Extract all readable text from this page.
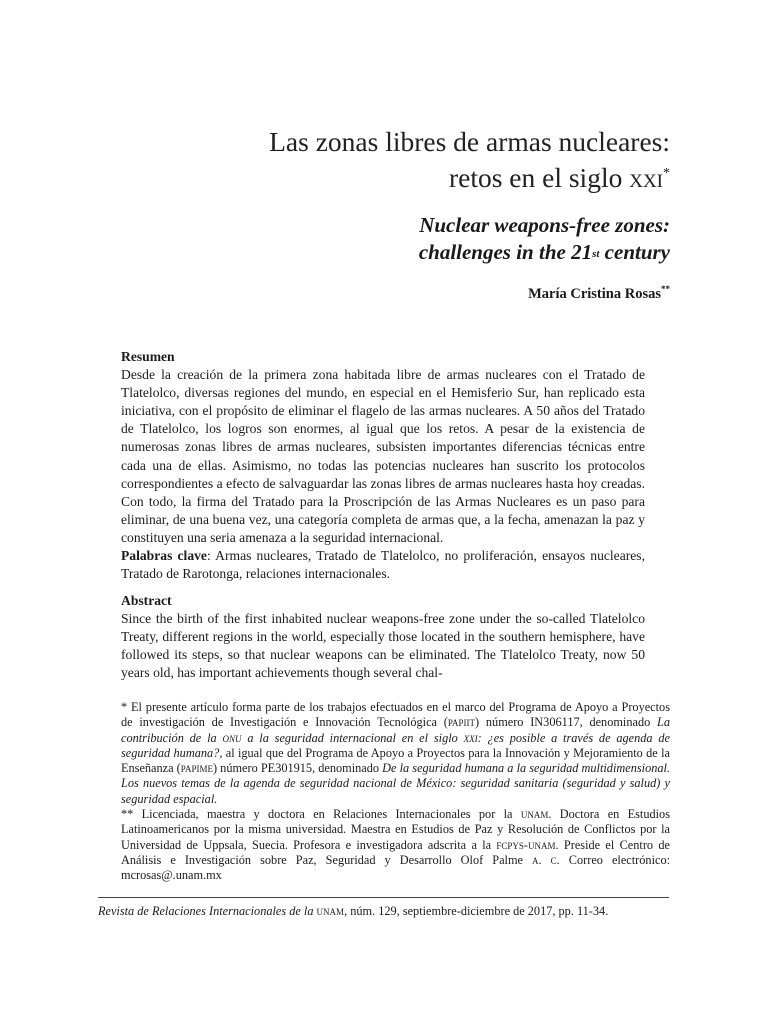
Las zonas libres de armas nucleares:
retos en el siglo xxi*
Nuclear weapons-free zones:
challenges in the 21st century
María Cristina Rosas**
Resumen
Desde la creación de la primera zona habitada libre de armas nucleares con el Tratado de Tlatelolco, diversas regiones del mundo, en especial en el Hemisferio Sur, han replicado esta iniciativa, con el propósito de eliminar el flagelo de las armas nucleares. A 50 años del Tratado de Tlatelolco, los logros son enormes, al igual que los retos. A pesar de la existencia de numerosas zonas libres de armas nucleares, subsisten importantes diferencias técnicas entre cada una de ellas. Asimismo, no todas las potencias nucleares han suscrito los protocolos correspondientes a efecto de salvaguardar las zonas libres de armas nucleares hasta hoy creadas. Con todo, la firma del Tratado para la Proscripción de las Armas Nucleares es un paso para eliminar, de una buena vez, una categoría completa de armas que, a la fecha, amenazan la paz y constituyen una seria amenaza a la seguridad internacional.
Palabras clave: Armas nucleares, Tratado de Tlatelolco, no proliferación, ensayos nucleares, Tratado de Rarotonga, relaciones internacionales.
Abstract
Since the birth of the first inhabited nuclear weapons-free zone under the so-called Tlatelolco Treaty, different regions in the world, especially those located in the southern hemisphere, have followed its steps, so that nuclear weapons can be eliminated. The Tlatelolco Treaty, now 50 years old, has important achievements though several chal-

* El presente artículo forma parte de los trabajos efectuados en el marco del Programa de Apoyo a Proyectos de investigación de Investigación e Innovación Tecnológica (papiit) número IN306117, denominado La contribución de la onu a la seguridad internacional en el siglo xxi: ¿es posible a través de agenda de seguridad humana?, al igual que del Programa de Apoyo a Proyectos para la Innovación y Mejoramiento de la Enseñanza (papime) número PE301915, denominado De la seguridad humana a la seguridad multidimensional. Los nuevos temas de la agenda de seguridad nacional de México: seguridad sanitaria (seguridad y salud) y seguridad espacial.

** Licenciada, maestra y doctora en Relaciones Internacionales por la unam. Doctora en Estudios Latinoamericanos por la misma universidad. Maestra en Estudios de Paz y Resolución de Conflictos por la Universidad de Uppsala, Suecia. Profesora e investigadora adscrita a la fcpys-unam. Preside el Centro de Análisis e Investigación sobre Paz, Seguridad y Desarrollo Olof Palme a. c. Correo electrónico: mcrosas@.unam.mx

Revista de Relaciones Internacionales de la unam, núm. 129, septiembre-diciembre de 2017, pp. 11-34.
